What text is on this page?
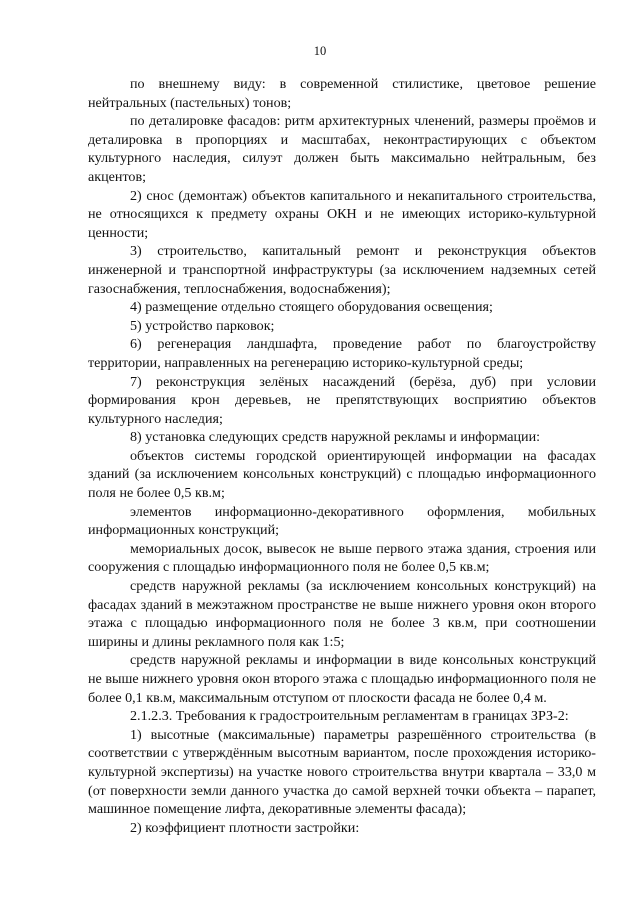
10

по внешнему виду: в современной стилистике, цветовое решение нейтральных (пастельных) тонов;

по деталировке фасадов: ритм архитектурных членений, размеры проёмов и деталировка в пропорциях и масштабах, неконтрастирующих с объектом культурного наследия, силуэт должен быть максимально нейтральным, без акцентов;

2) снос (демонтаж) объектов капитального и некапитального строительства, не относящихся к предмету охраны ОКН и не имеющих историко-культурной ценности;

3) строительство, капитальный ремонт и реконструкция объектов инженерной и транспортной инфраструктуры (за исключением надземных сетей газоснабжения, теплоснабжения, водоснабжения);

4) размещение отдельно стоящего оборудования освещения;

5) устройство парковок;

6) регенерация ландшафта, проведение работ по благоустройству территории, направленных на регенерацию историко-культурной среды;

7) реконструкция зелёных насаждений (берёза, дуб) при условии формирования крон деревьев, не препятствующих восприятию объектов культурного наследия;

8) установка следующих средств наружной рекламы и информации:

объектов системы городской ориентирующей информации на фасадах зданий (за исключением консольных конструкций) с площадью информационного поля не более 0,5 кв.м;

элементов информационно-декоративного оформления, мобильных информационных конструкций;

мемориальных досок, вывесок не выше первого этажа здания, строения или сооружения с площадью информационного поля не более 0,5 кв.м;

средств наружной рекламы (за исключением консольных конструкций) на фасадах зданий в межэтажном пространстве не выше нижнего уровня окон второго этажа с площадью информационного поля не более 3 кв.м, при соотношении ширины и длины рекламного поля как 1:5;

средств наружной рекламы и информации в виде консольных конструкций не выше нижнего уровня окон второго этажа с площадью информационного поля не более 0,1 кв.м, максимальным отступом от плоскости фасада не более 0,4 м.

2.1.2.3. Требования к градостроительным регламентам в границах ЗРЗ-2:

1) высотные (максимальные) параметры разрешённого строительства (в соответствии с утверждённым высотным вариантом, после прохождения историко-культурной экспертизы) на участке нового строительства внутри квартала – 33,0 м (от поверхности земли данного участка до самой верхней точки объекта – парапет, машинное помещение лифта, декоративные элементы фасада);

2) коэффициент плотности застройки:
